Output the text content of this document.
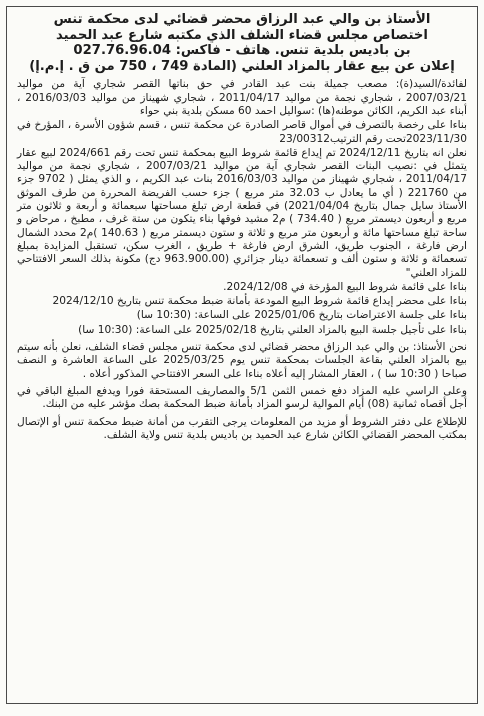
الأستاذ بن والي عبد الرزاق محضر قضائي لدى محكمة تنس
اختصاص مجلس قضاء الشلف الذي مكتبه شارع عبد الحميد
بن باديس بلدية تنس. هاتف - فاكس: 027.76.96.04
إعلان عن بيع عقار بالمزاد العلني (المادة 749 ، 750 من ق . إ.م.إ)

لفائدة/السيد(ة): مصعب جميلة بنت عبد القادر في حق بناتها القصر شجاري آية من مواليد 2007/03/21 ، شجاري نجمة من مواليد 2011/04/17 ، شجاري شهيناز من مواليد 2016/03/03 ، أبناء عبد الكريم، الكائن موطنه(ها) :سواليل احمد 60 مسكن بلدية بني حواء

بناءا على رخصة بالتصرف في أموال قاصر الصادرة عن محكمة تنس ، قسم شؤون الأسرة ، المؤرخ في 2023/11/30تحت رقم الترتيب23/00312

نعلن انه بتاريخ 2024/12/11 تم إيداع قائمة شروط البيع بمحكمة تنس تحت رقم 2024/661 لبيع عقار يتمثل في :نصيب البنات القصر شجاري آية من مواليد 2007/03/21 ، شجاري نجمة من مواليد 2011/04/17 ، شجاري شهيناز من مواليد 2016/03/03 بنات عبد الكريم ، و الذي يمثل ( 9702 جزء من 221760 ( أي ما يعادل ب 32.03 متر مربع ) جزء حسب الفريضة المحررة من طرف الموثق الأستاذ سايل جمال بتاريخ 2021/04/04) في قطعة ارض تبلغ مساحتها سبعمائة و أربعة و ثلاثون متر مربع و أربعون ديسمتر مربع ( 734.40 ) م2 مشيد فوقها بناء يتكون من ستة غرف ، مطبخ ، مرحاض و ساحة تبلغ مساحتها مائة و أربعون متر مربع و ثلاثة و ستون ديسمتر مربع ( 140.63 )م2 محدد الشمال ارض فارغة ، الجنوب طريق، الشرق ارض فارغة + طريق ، الغرب سكن، تستقبل المزايدة بمبلغ تسعمائة و ثلاثة و ستون ألف و تسعمائة دينار جزائري (963.900.00 دج) مكونة بذلك السعر الافتتاحي للمزاد العلني"

بناءا على قائمة شروط البيع المؤرخة في 2024/12/08.

بناءا على محضر إيداع قائمة شروط البيع المودعة بأمانة ضبط محكمة تنس بتاريخ 2024/12/10

بناءا على جلسة الاعتراضات بتاريخ 2025/01/06 على الساعة: (10:30 سا)

بناءا على تأجيل جلسة البيع بالمزاد العلني بتاريخ 2025/02/18 على الساعة: (10:30 سا)

نحن الأستاذ: بن والي عبد الرزاق محضر قضائي لدى محكمة تنس مجلس قضاء الشلف، نعلن بأنه سيتم بيع بالمزاد العلني بقاعة الجلسات بمحكمة تنس يوم 2025/03/25 على الساعة العاشرة و النصف صباحا ( 10:30 سا ) ، العقار المشار إليه أعلاه بناءا على السعر الافتتاحي المذكور أعلاه .

وعلى الراسي عليه المزاد دفع خمس الثمن 5/1 والمصاريف المستحقة فورا ويدفع المبلغ الباقي في أجل أقصاه ثمانية (08) أيام الموالية لرسو المزاد بأمانة ضبط المحكمة بصك مؤشر عليه من البنك.

للإطلاع على دفتر الشروط أو مزيد من المعلومات يرجى التقرب من أمانة ضبط محكمة تنس أو الإتصال بمكتب المحضر القضائي الكائن شارع عبد الحميد بن باديس بلدية تنس ولاية الشلف.
